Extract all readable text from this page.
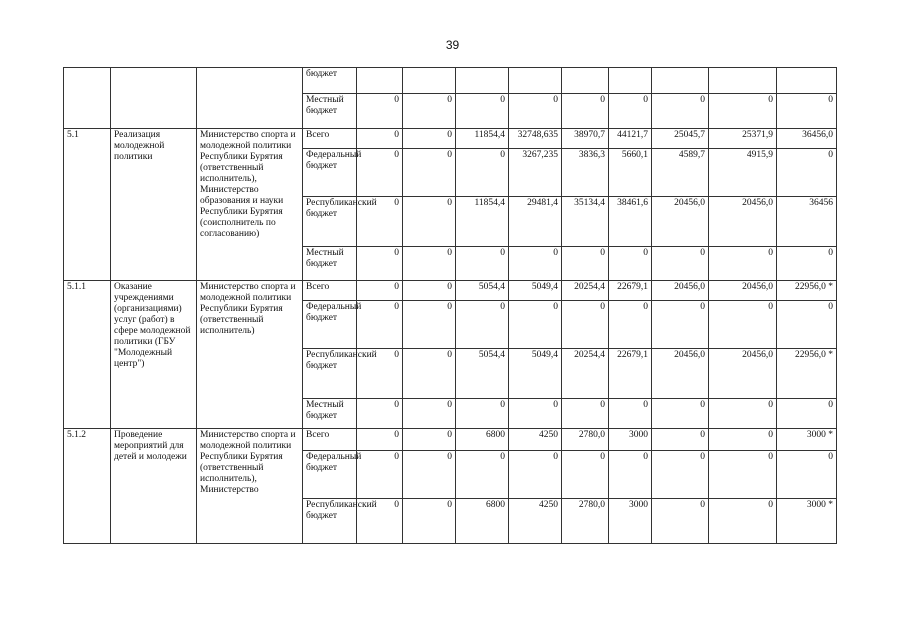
39
			бюджет									
			Местный бюджет	0	0	0	0	0	0	0	0	0
5.1	Реализация молодежной политики	Министерство спорта и молодежной политики Республики Бурятия (ответственный исполнитель), Министерство образования и науки Республики Бурятия (соисполнитель по согласованию)	Всего	0	0	11854,4	32748,635	38970,7	44121,7	25045,7	25371,9	36456,0
			Федеральный бюджет	0	0	0	3267,235	3836,3	5660,1	4589,7	4915,9	0
			Республиканский бюджет	0	0	11854,4	29481,4	35134,4	38461,6	20456,0	20456,0	36456
			Местный бюджет	0	0	0	0	0	0	0	0	0
5.1.1	Оказание учреждениями (организациями) услуг (работ) в сфере молодежной политики (ГБУ "Молодежный центр")	Министерство спорта и молодежной политики Республики Бурятия (ответственный исполнитель)	Всего	0	0	5054,4	5049,4	20254,4	22679,1	20456,0	20456,0	22956,0 *
			Федеральный бюджет	0	0	0	0	0	0	0	0	0
			Республиканский бюджет	0	0	5054,4	5049,4	20254,4	22679,1	20456,0	20456,0	22956,0 *
			Местный бюджет	0	0	0	0	0	0	0	0	0
5.1.2	Проведение мероприятий для детей и молодежи	Министерство спорта и молодежной политики Республики Бурятия (ответственный исполнитель), Министерство	Всего	0	0	6800	4250	2780,0	3000	0	0	3000 *
			Федеральный бюджет	0	0	0	0	0	0	0	0	0
			Республиканский бюджет	0	0	6800	4250	2780,0	3000	0	0	3000 *
